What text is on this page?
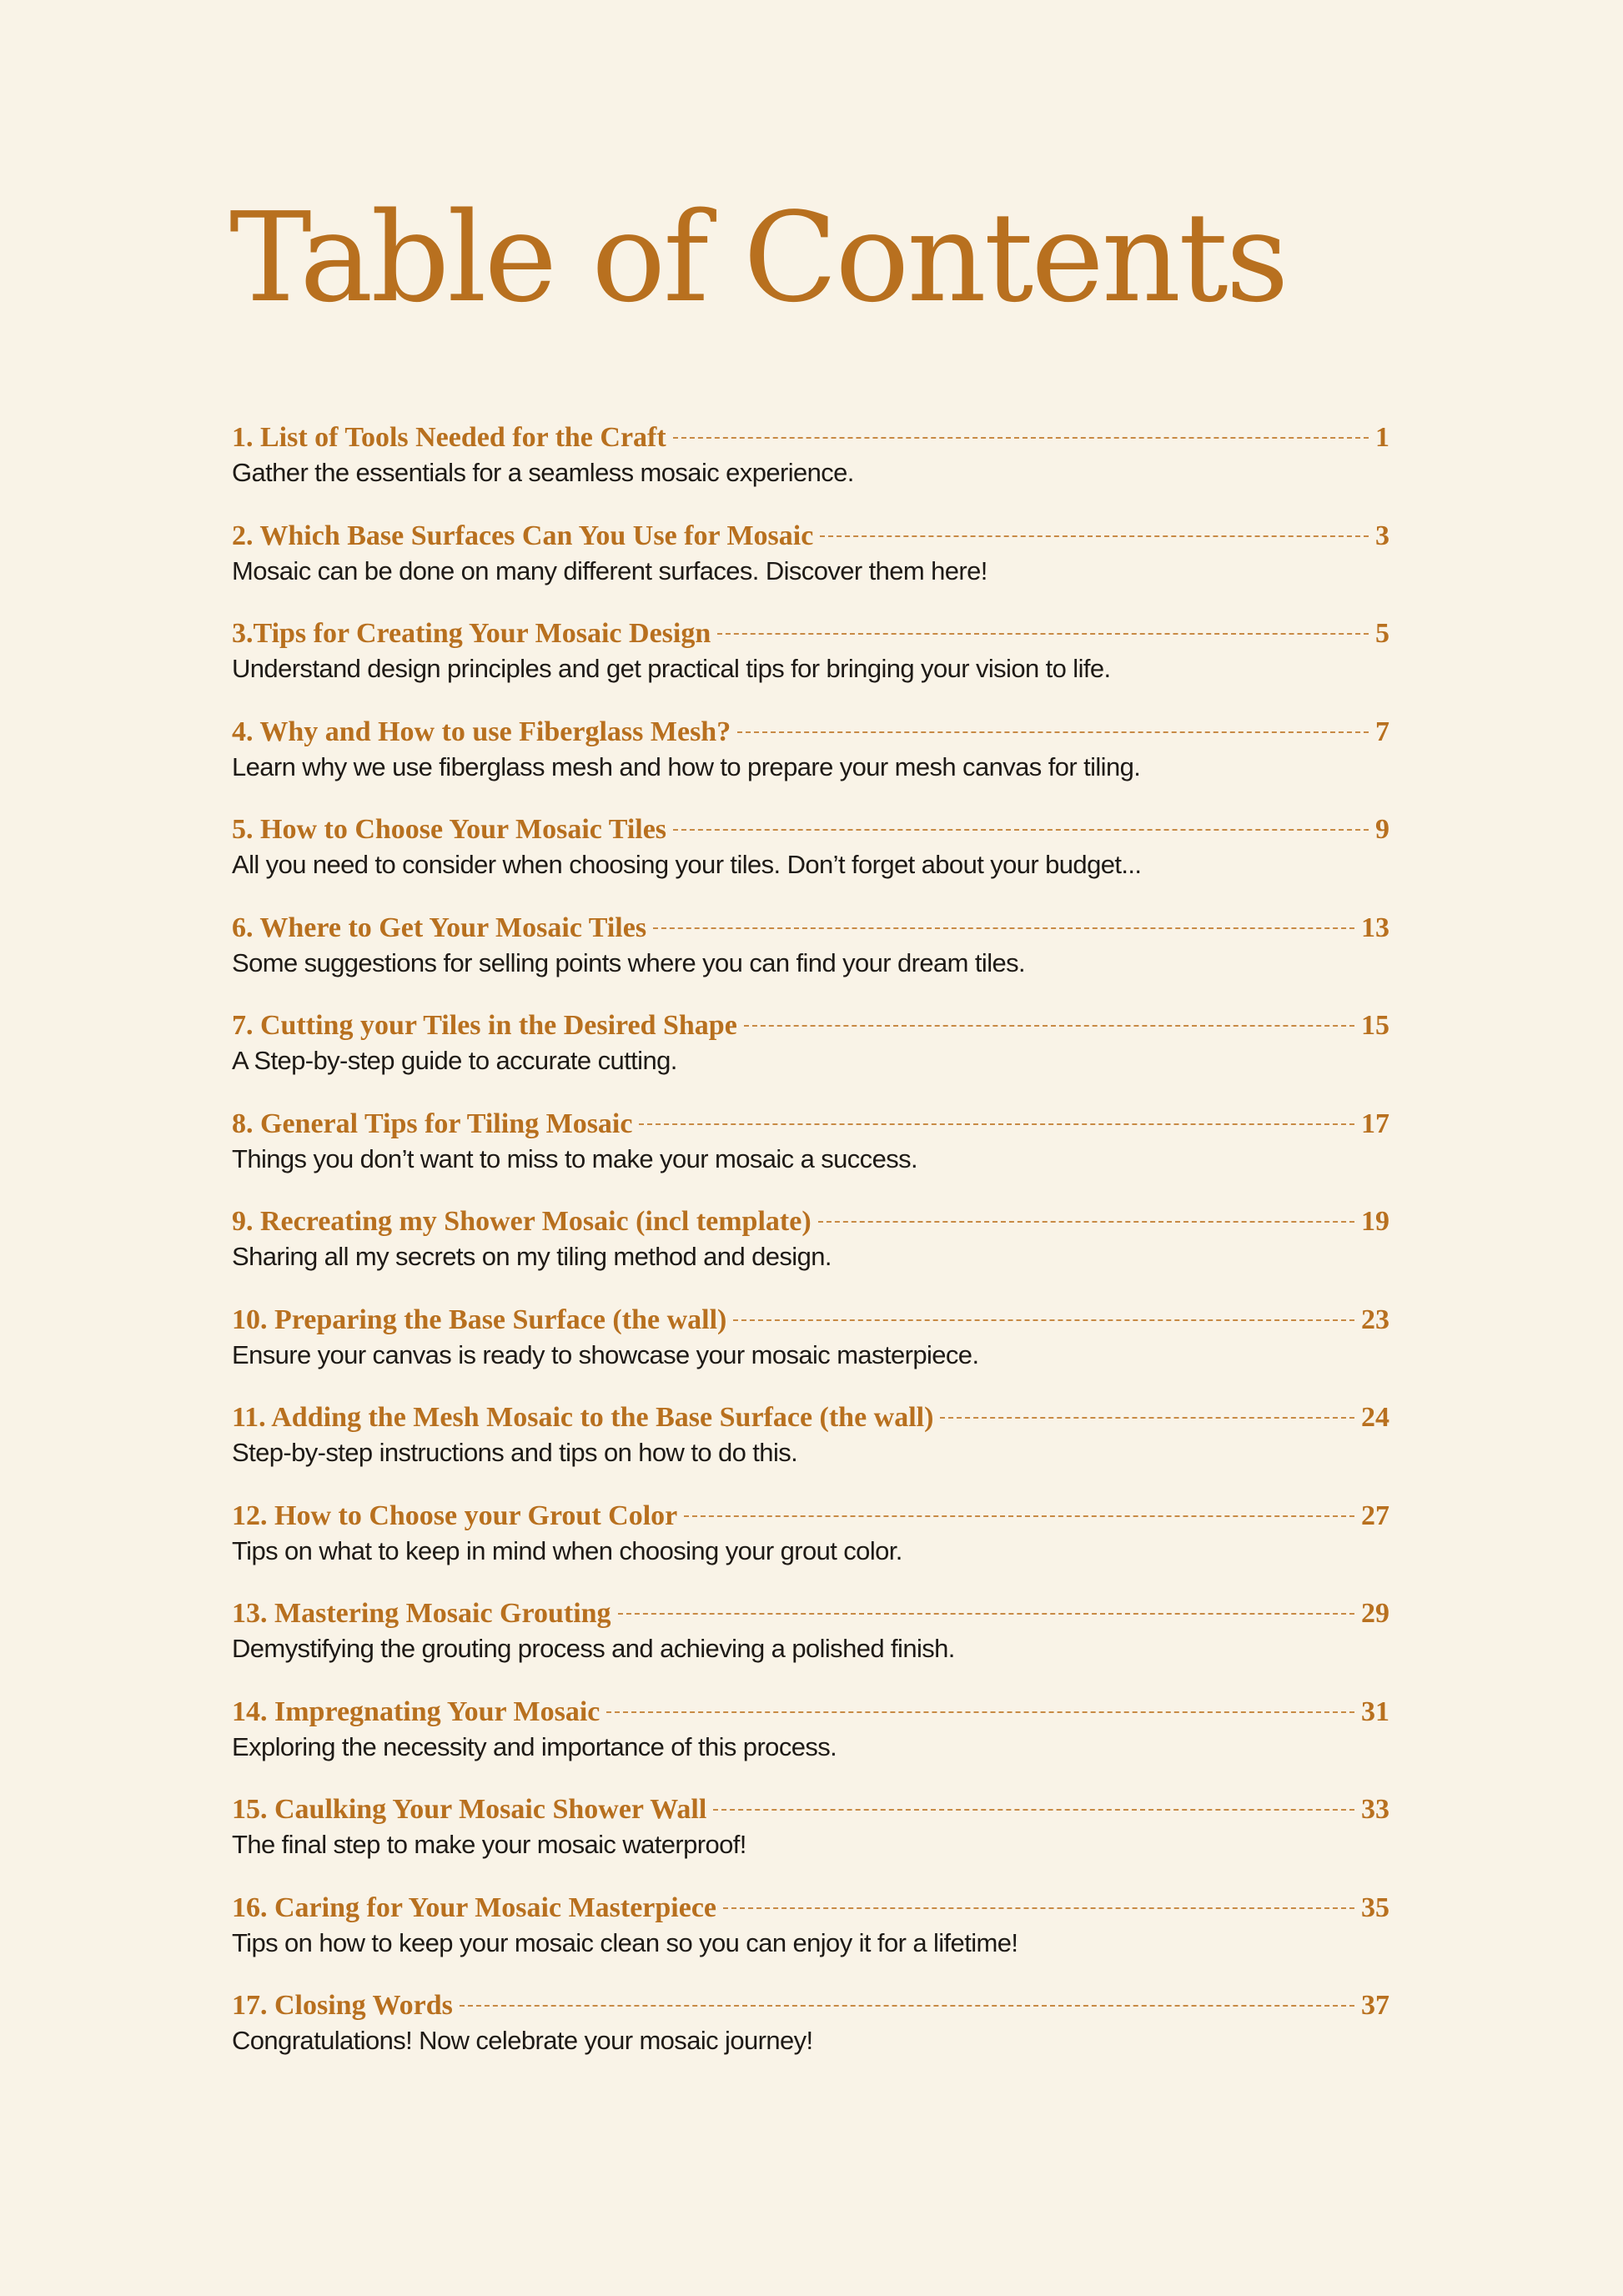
Table of Contents
1. List of Tools Needed for the Craft	1
Gather the essentials for a seamless mosaic experience.
2. Which Base Surfaces Can You Use for Mosaic	3
Mosaic can be done on many different surfaces. Discover them here!
3.Tips for Creating Your Mosaic Design	5
Understand design principles and get practical tips for bringing your vision to life.
4. Why and How to use Fiberglass Mesh?	7
Learn why we use fiberglass mesh and how to prepare your mesh canvas for tiling.
5. How to Choose Your Mosaic Tiles	9
All you need to consider when choosing your tiles. Don’t forget about your budget...
6. Where to Get Your Mosaic Tiles	13
Some suggestions for selling points where you can find your dream tiles.
7. Cutting your Tiles in the Desired Shape	15
A Step-by-step guide to accurate cutting.
8. General Tips for Tiling Mosaic	17
Things you don’t want to miss to make your mosaic a success.
9. Recreating my Shower Mosaic (incl template)	19
Sharing all my secrets on my tiling method and design.
10. Preparing the Base Surface (the wall)	23
Ensure your canvas is ready to showcase your mosaic masterpiece.
11. Adding the Mesh Mosaic to the Base Surface (the wall)	24
Step-by-step instructions and tips on how to do this.
12. How to Choose your Grout Color	27
Tips on what to keep in mind when choosing your grout color.
13. Mastering Mosaic Grouting	29
Demystifying the grouting process and achieving a polished finish.
14. Impregnating Your Mosaic	31
Exploring the necessity and importance of this process.
15. Caulking Your Mosaic Shower Wall	33
The final step to make your mosaic waterproof!
16. Caring for Your Mosaic Masterpiece	35
Tips on how to keep your mosaic clean so you can enjoy it for a lifetime!
17. Closing Words	37
Congratulations! Now celebrate your mosaic journey!
